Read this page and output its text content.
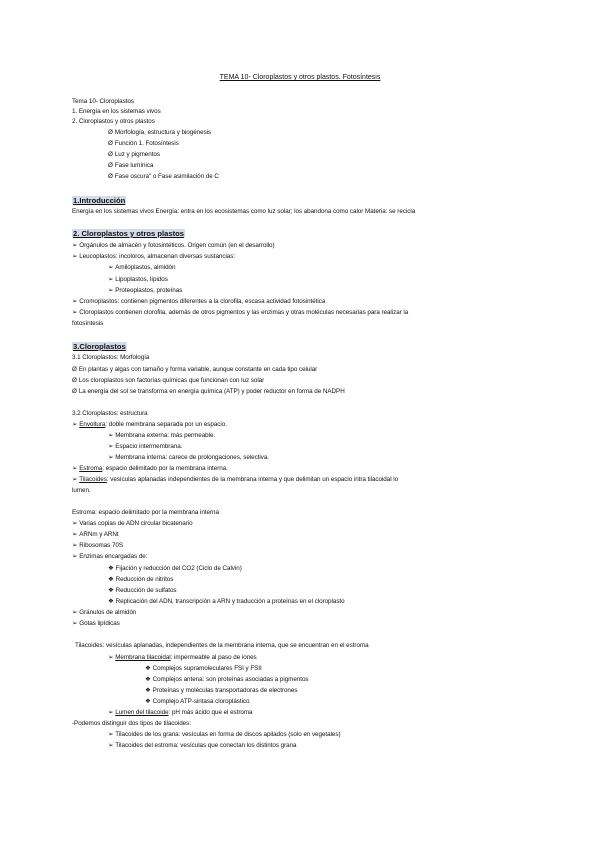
TEMA 10- Cloroplastos y otros plastos. Fotosíntesis
Tema 10- Cloroplastos
1. Energía en los sistemas vivos
2. Cloroplastos y otros plastos
Ø Morfología, estructura y biogénesis
Ø Función 1. Fotosíntesis
Ø Luz y pigmentos
Ø Fase lumínica
Ø Fase oscura" o Fase asimilación de C
1.Introducción
Energía en los sistemas vivos Energía: entra en los ecosistemas como luz solar; los abandona como calor Materia: se recicla
2. Cloroplastos y otros plastos
➢ Orgánulos de almacén y fotosintéticos. Origen común (en el desarrollo)
➢ Leucoplastos: incoloros, almacenan diversas sustancias:
➢ Amiloplastos, almidón
➢ Lipoplastos, lípidos
➢ Proteoplastos, proteínas
➢ Cromoplastos: contienen pigmentos diferentes a la clorofila, escasa actividad fotosintética
➢ Cloroplastos contienen clorofila, además de otros pigmentos y las enzimas y otras moléculas necesarias para realizar la
fotosíntesis
3.Cloroplastos
3.1 Cloroplastos: Morfología
Ø En plantas y algas con tamaño y forma variable, aunque constante en cada tipo celular
Ø Los cloroplastos son factorías químicas que funcionan con luz solar
Ø La energía del sol se transforma en energía química (ATP) y poder reductor en forma de NADPH
3.2 Cloroplastos: estructura
➢ Envoltura: doble membrana separada por un espacio.
➢ Membrana externa: más permeable.
➢ Espacio intermembrana.
➢ Membrana interna: carece de prolongaciones, selectiva.
➢ Estroma: espacio delimitado por la membrana interna.
➢ Tilacoides: vesículas aplanadas independientes de la membrana interna y que delimitan un espacio intra tilacoidal lo
lumen.
Estroma: espacio delimitado por la membrana interna
➢ Varias copias de ADN circular bicatenario
➢ ARNm y ARNt
➢ Ribosomas 70S
➢ Enzimas encargadas de:
❖ Fijación y reducción del CO2 (Ciclo de Calvin)
❖ Reducción de nitritos
❖ Reducción de sulfatos
❖ Replicación del ADN, transcripción a ARN y traducción a proteínas en el cloroplasto
➢ Gránulos de almidón
➢ Gotas lipídicas
Tilacoides: vesículas aplanadas, independientes de la membrana interna, que se encuentran en el estroma
➢ Membrana tilacoidal: impermeable al paso de iones
❖ Complejos supramoleculares FSI y FSII
❖ Complejos antena: son proteínas asociadas a pigmentos
❖ Proteínas y moléculas transportadoras de electrones
❖ Complejo ATP-sintasa cloroplástico
➢ Lumen del tilacoide: pH más ácido que el estroma
-Podemos distinguir dos tipos de tilacoides:
➢ Tilacoides de los grana: vesículas en forma de discos apilados (solo en vegetales)
➢ Tilacoides del estroma: vesículas que conectan los distintos grana
